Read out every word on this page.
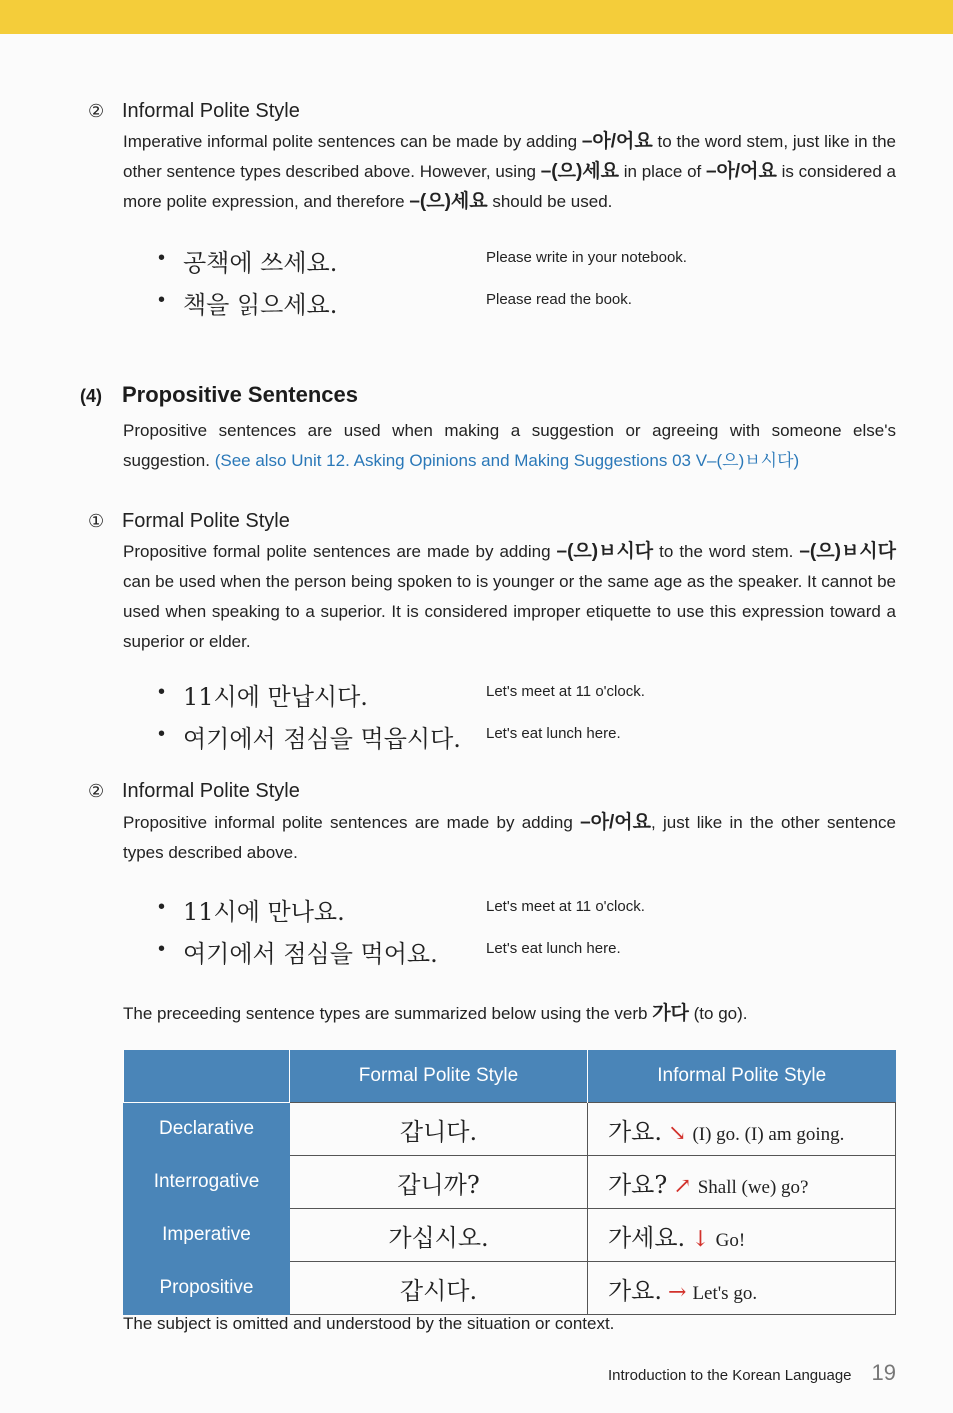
② Informal Polite Style
Imperative informal polite sentences can be made by adding –아/어요 to the word stem, just like in the other sentence types described above. However, using –(으)세요 in place of –아/어요 is considered a more polite expression, and therefore –(으)세요 should be used.
• 공책에 쓰세요.	Please write in your notebook.
• 책을 읽으세요.	Please read the book.
(4) Propositive Sentences
Propositive sentences are used when making a suggestion or agreeing with someone else's suggestion. (See also Unit 12. Asking Opinions and Making Suggestions 03 V–(으)ㅂ시다)
① Formal Polite Style
Propositive formal polite sentences are made by adding –(으)ㅂ시다 to the word stem. –(으)ㅂ시다 can be used when the person being spoken to is younger or the same age as the speaker. It cannot be used when speaking to a superior. It is considered improper etiquette to use this expression toward a superior or elder.
• 11시에 만납시다.	Let's meet at 11 o'clock.
• 여기에서 점심을 먹읍시다. Let's eat lunch here.
② Informal Polite Style
Propositive informal polite sentences are made by adding –아/어요, just like in the other sentence types described above.
• 11시에 만나요.	Let's meet at 11 o'clock.
• 여기에서 점심을 먹어요.	Let's eat lunch here.
The preceeding sentence types are summarized below using the verb 가다 (to go).
	Formal Polite Style	Informal Polite Style
Declarative	갑니다.	가요. ↘ (I) go. (I) am going.
Interrogative	갑니까?	가요? ↗ Shall (we) go?
Imperative	가십시오.	가세요. ↓ Go!
Propositive	갑시다.	가요. → Let's go.
The subject is omitted and understood by the situation or context.
Introduction to the Korean Language 19
